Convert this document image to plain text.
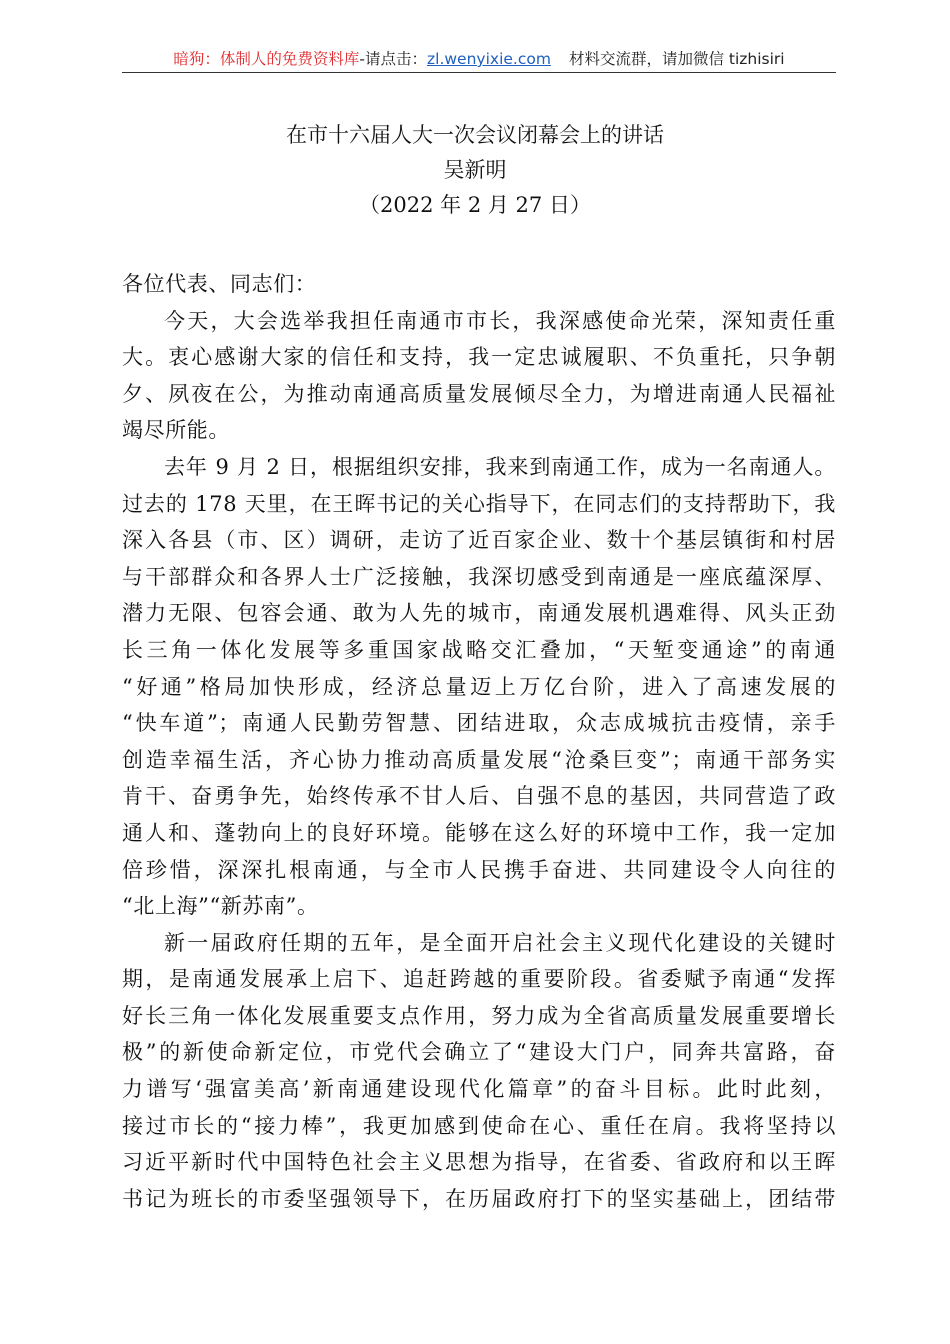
暗狗：体制人的免费资料库-请点击：zl.wenyixie.com 材料交流群，请加微信 tizhisiri
在市十六届人大一次会议闭幕会上的讲话
吴新明
（2022 年 2 月 27 日）
各位代表、同志们：
今天，大会选举我担任南通市市长，我深感使命光荣，深知责任重
大。衷心感谢大家的信任和支持，我一定忠诚履职、不负重托，只争朝
夕、夙夜在公，为推动南通高质量发展倾尽全力，为增进南通人民福祉
竭尽所能。
去年 9 月 2 日，根据组织安排，我来到南通工作，成为一名南通人。
过去的 178 天里，在王晖书记的关心指导下，在同志们的支持帮助下，我
深入各县（市、区）调研，走访了近百家企业、数十个基层镇街和村居
与干部群众和各界人士广泛接触，我深切感受到南通是一座底蕴深厚、
潜力无限、包容会通、敢为人先的城市，南通发展机遇难得、风头正劲
长三角一体化发展等多重国家战略交汇叠加，“天堑变通途”的南通
“好通”格局加快形成，经济总量迈上万亿台阶，进入了高速发展的
“快车道”；南通人民勤劳智慧、团结进取，众志成城抗击疫情，亲手
创造幸福生活，齐心协力推动高质量发展“沧桑巨变”；南通干部务实
肯干、奋勇争先，始终传承不甘人后、自强不息的基因，共同营造了政
通人和、蓬勃向上的良好环境。能够在这么好的环境中工作，我一定加
倍珍惜，深深扎根南通，与全市人民携手奋进、共同建设令人向往的
“北上海”“新苏南”。
新一届政府任期的五年，是全面开启社会主义现代化建设的关键时
期，是南通发展承上启下、追赶跨越的重要阶段。省委赋予南通“发挥
好长三角一体化发展重要支点作用，努力成为全省高质量发展重要增长
极”的新使命新定位，市党代会确立了“建设大门户，同奔共富路，奋
力谱写‘强富美高’新南通建设现代化篇章”的奋斗目标。此时此刻，
接过市长的“接力棒”，我更加感到使命在心、重任在肩。我将坚持以
习近平新时代中国特色社会主义思想为指导，在省委、省政府和以王晖
书记为班长的市委坚强领导下，在历届政府打下的坚实基础上，团结带
